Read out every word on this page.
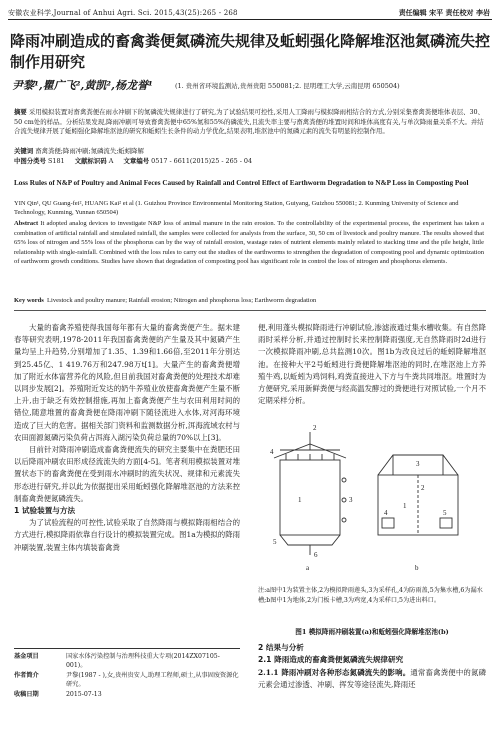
安徽农业科学,Journal of Anhui Agri. Sci. 2015,43(25):265 - 268	责任编辑 宋平 责任校对 李岩
降雨冲刷造成的畜禽粪便氮磷流失规律及蚯蚓强化降解堆沤池氮磷流失控制作用研究
尹黎¹,瞿广飞²,黄凯²,杨龙誉¹	(1. 贵州省环境监测站,贵州贵阳 550081;2. 昆明理工大学,云南昆明 650504)
摘要 采用模拟装置对畜禽粪便在雨水冲刷下的氮磷流失规律进行了研究,为了试验结果可控性,采用人工降雨与模拟降雨相结合的方式,分别采集畜禽粪便堆体表层、30、50 cm处的样品。分析结果发现,降雨冲刷可导致畜禽粪便中65%氮和55%的磷流失,且流失率主要与畜禽粪便的堆置时间和堆体高度有关,与单次降雨量关系不大。并结合流失规律开展了蚯蚓强化降解堆沤池的研究和蚯蚓生长条件的动力学优化,结果表明,堆沤池中的氮磷元素的流失有明显的控制作用。
关键词 畜禽粪便;降雨冲刷;氮磷流失;蚯蚓降解
中图分类号 S181 文献标识码 A 文章编号 0517 - 6611(2015)25 - 265 - 04
Loss Rules of N&P of Poultry and Animal Feces Caused by Rainfall and Control Effect of Earthworm Degradation to N&P Loss in Composting Pool
YIN Qin¹, QU Guang-fei², HUANG Kai² et al (1. Guizhou Province Environmental Monitoring Station, Guiyang, Guizhou 550081; 2. Kunming University of Science and Technology, Kunming, Yunnan 650504)
Abstract It adopted analog devices to investigate N&P loss of animal manure in the rain erosion. To the controllability of the experimental process, the experiment has taken a combination of artificial rainfall and simulated rainfall, the samples were collected for analysis from the surface, 30, 50 cm of livestock and poultry manure. The results showed that 65% loss of nitrogen and 55% loss of the phosphorus can by the way of rainfall erosion, wastage rates of nutrient elements mainly related to stacking time and the pile height, little relationship with single-rainfall. Combined with the loss rules to carry out the studies of the earthworms to strengthen the degradation of composting pool and dynamic optimization of earthworm growth conditions. Studies have shown that degradation of composting pool has significant role in control the loss of nitrogen and phosphorus elements.
Key words Livestock and poultry manure; Rainfall erosion; Nitrogen and phosphorus loss; Earthworm degradation
大量的畜禽养殖使得我国每年都有大量的畜禽粪便产生。据未建春等研究表明,1978-2011年我国畜禽粪便的产生量及其中氮磷产生量均呈上升趋势,分别增加了1.35、1.39和1.66倍,至2011年分别达到25.45亿、1 419.76万和247.98万t[1]。大量产生的畜禽粪便增加了附近水体富营养化的风险,但目前我国对畜禽粪便的处理技术却难以同步发展[2]。养殖附近发达的奶牛养殖业放使畜禽粪便产生量不断上升,由于缺乏有效控制措施,再加上畜禽粪便产生与农田利用时间的错位,随意堆置的畜禽粪便在降雨冲刷下随径流进入水体,对河海环境造成了巨大的危害。据相关部门资料和监测数据分析,洱海流域农村与农田面源氮磷污染负荷占洱海入湖污染负荷总量的70%以上[3]。
目前针对降雨冲刷造成畜禽粪便流失的研究主要集中在粪肥还田以后降雨冲刷农田形成径流流失的方面[4-5]。笔者利用模拟装置对堆置状态下的畜禽粪便在受到雨水冲刷时的流失状况、规律和元素流失形态进行研究,并以此为依据提出采用蚯蚓强化降解堆沤池的方法来控制畜禽粪便氮磷流失。
1 试验装置与方法
为了试验流程的可控性,试验采取了自然降雨与模拟降雨相结合的方式进行,模拟降雨依靠自行设计的模拟装置完成。图1a为模拟的降雨冲刷装置,装置主体内填装畜禽粪
基金项目	国家水体污染控制与治理科技重大专项(2014ZX07105-001)。
作者简介	尹黎(1987 - ),女,贵州贵安人,助理工程师,硕士,从事固废资源化研究。
收稿日期	2015-07-13
便,利用蓬头模拟降雨进行冲刷试验,渗滤液通过集水槽收集。有自然降雨时采样分析,并通过控制时长来控制降雨强度,无自然降雨时2d进行一次模拟降雨冲刷,总共监测10次。图1b为改良过后的蚯蚓降解堆沤池。在接种大平2号蚯蚓进行粪便降解堆沤池的同时,在堆沤池上方养殖牛鸡,以蚯蚓为鸡饲料,鸡粪直接进入下方与牛粪共同堆沤。堆置时为方便研究,采用新鲜粪便与经高温发酵过的粪便进行对照试验,一个月不定期采样分析。
a	b
1
2
3
4
5
6
1
2
3
4	5
注:a图中1为装置主体,2为模拟降雨莲头,3为采样孔,4为防雨盖,5为集水槽,6为漏水槽;b图中1为地体,2为门板卡槽,3为鸡宽,4为采样口,5为进出料口。
图1 模拟降雨冲刷装置(a)和蚯蚓强化降解堆沤池(b)
2 结果与分析
2.1 降雨造成的畜禽粪便氮磷流失规律研究
2.1.1 降雨冲刷对各种形态氮磷流失的影响。通常畜禽粪便中的氮磷元素会通过渗透、冲刷、挥发等途径流失,降雨还
